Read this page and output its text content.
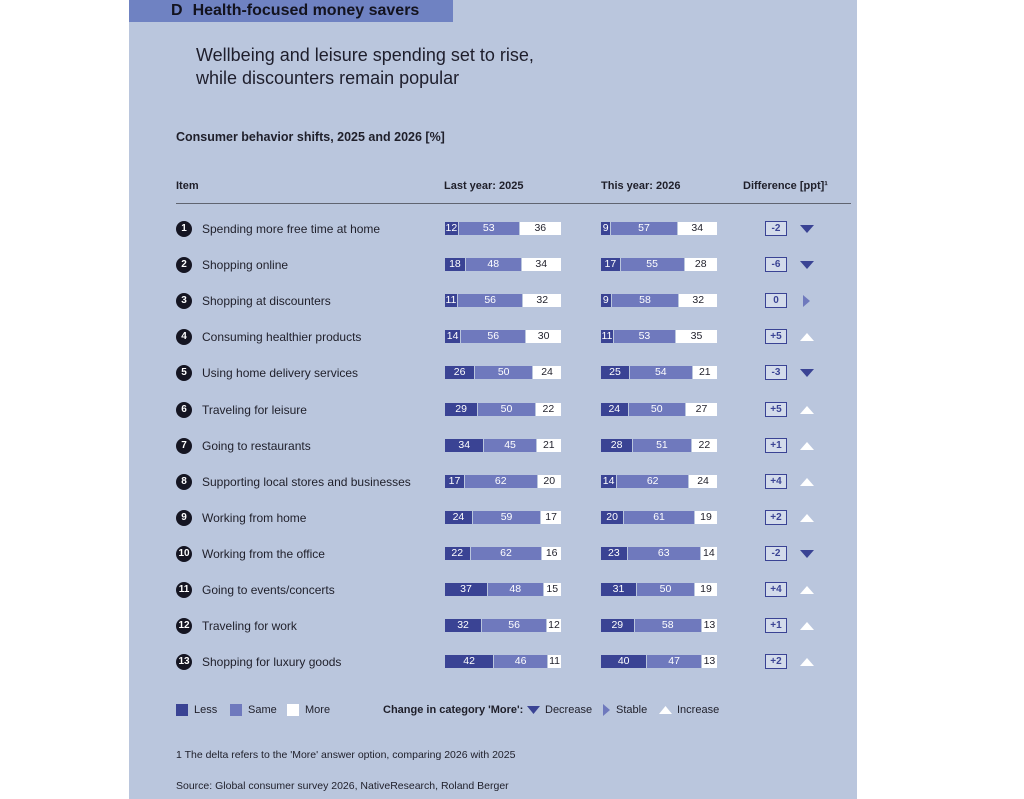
D Health-focused money savers
Wellbeing and leisure spending set to rise,
while discounters remain popular
Consumer behavior shifts, 2025 and 2026 [%]
Item	Last year: 2025	This year: 2026	Difference [ppt]¹
1	Spending more free time at home	12	53	36	9	57	34	-2
2	Shopping online	18	48	34	17	55	28	-6
3	Shopping at discounters	11	56	32	9	58	32	0
4	Consuming healthier products	14	56	30	11	53	35	+5
5	Using home delivery services	26	50	24	25	54	21	-3
6	Traveling for leisure	29	50	22	24	50	27	+5
7	Going to restaurants	34	45	21	28	51	22	+1
8	Supporting local stores and businesses	17	62	20	14	62	24	+4
9	Working from home	24	59	17	20	61	19	+2
10 Working from the office	22	62	16	23	63	14	-2
11 Going to events/concerts	37	48	15	31	50	19	+4
12 Traveling for work	32	56	12	29	58	13	+1
13 Shopping for luxury goods	42	46	11	40	47	13	+2
Less	Same	More	Change in category 'More': Decrease Stable	Increase
1 The delta refers to the 'More' answer option, comparing 2026 with 2025
Source: Global consumer survey 2026, NativeResearch, Roland Berger
